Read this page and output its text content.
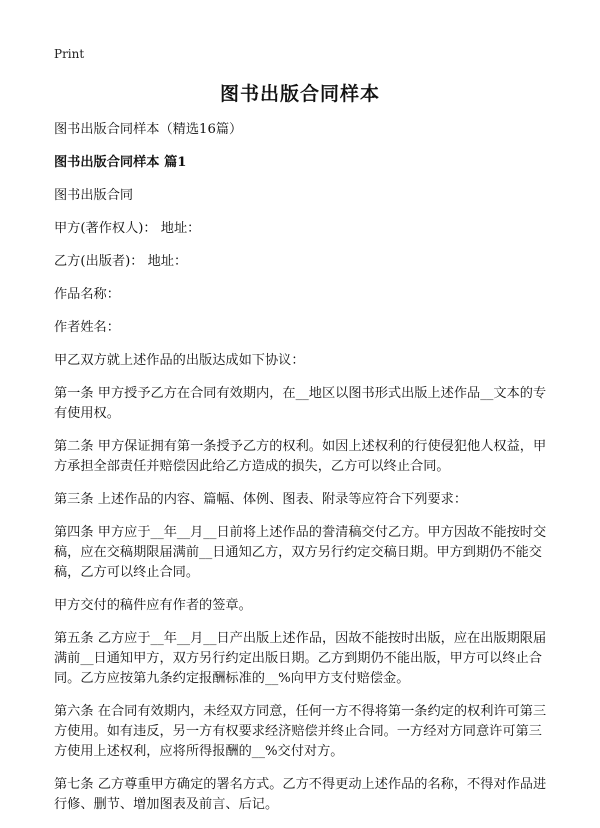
Print
图书出版合同样本

图书出版合同样本（精选16篇）

图书出版合同样本 篇1

图书出版合同

甲方(著作权人)： 地址：

乙方(出版者)： 地址：

作品名称：

作者姓名：

甲乙双方就上述作品的出版达成如下协议：

第一条 甲方授予乙方在合同有效期内，在__地区以图书形式出版上述作品__文本的专有使用权。

第二条 甲方保证拥有第一条授予乙方的权利。如因上述权利的行使侵犯他人权益，甲方承担全部责任并赔偿因此给乙方造成的损失，乙方可以终止合同。

第三条 上述作品的内容、篇幅、体例、图表、附录等应符合下列要求：

第四条 甲方应于__年__月__日前将上述作品的誊清稿交付乙方。甲方因故不能按时交稿，应在交稿期限届满前__日通知乙方，双方另行约定交稿日期。甲方到期仍不能交稿，乙方可以终止合同。

甲方交付的稿件应有作者的签章。

第五条 乙方应于__年__月__日产出版上述作品，因故不能按时出版，应在出版期限届满前__日通知甲方，双方另行约定出版日期。乙方到期仍不能出版，甲方可以终止合同。乙方应按第九条约定报酬标准的__%向甲方支付赔偿金。

第六条 在合同有效期内，未经双方同意，任何一方不得将第一条约定的权利许可第三方使用。如有违反，另一方有权要求经济赔偿并终止合同。一方经对方同意许可第三方使用上述权利，应将所得报酬的__%交付对方。

第七条 乙方尊重甲方确定的署名方式。乙方不得更动上述作品的名称，不得对作品进行修、删节、增加图表及前言、后记。
